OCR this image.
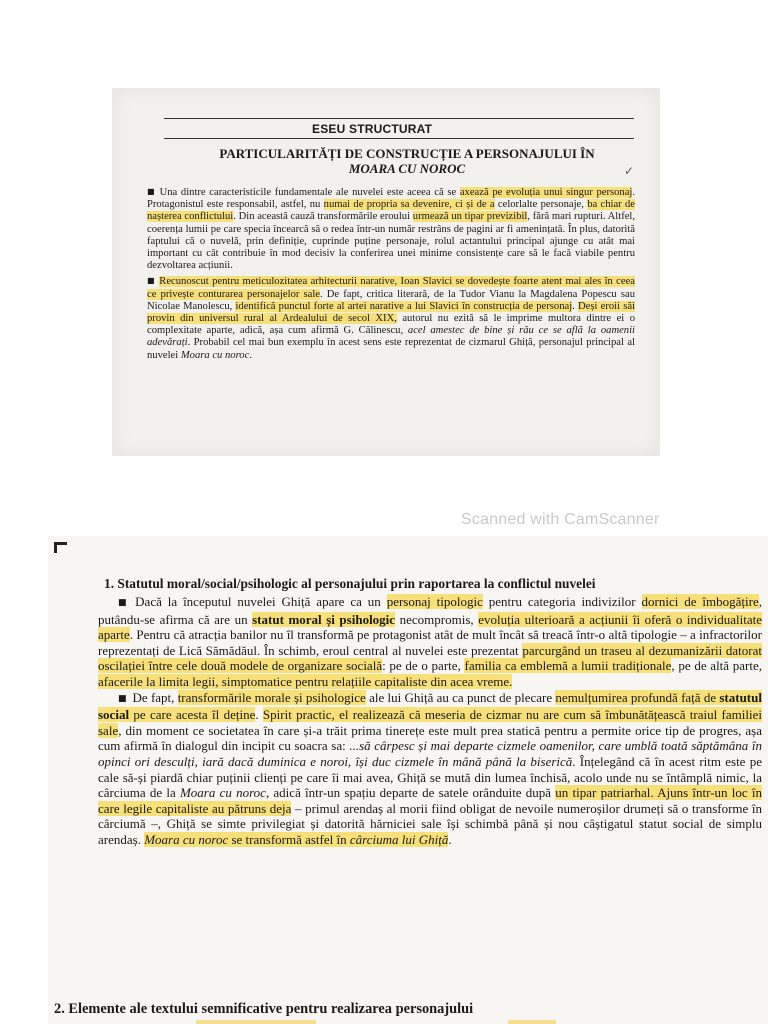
ESEU STRUCTURAT
PARTICULARITĂȚI DE CONSTRUCȚIE A PERSONAJULUI ÎN
MOARA CU NOROC	✓

■ Una dintre caracteristicile fundamentale ale nuvelei este aceea că se axează pe evoluția unui singur personaj. Protagonistul este responsabil, astfel, nu numai de propria sa devenire, ci și de a celorlalte personaje, ba chiar de nașterea conflictului. Din această cauză transformările eroului urmează un tipar previzibil, fără mari rupturi. Altfel, coerența lumii pe care specia încearcă să o redea într-un număr restrâns de pagini ar fi amenințată. În plus, datorită faptului că o nuvelă, prin definiție, cuprinde puține personaje, rolul actantului principal ajunge cu atât mai important cu cât contribuie în mod decisiv la conferirea unei minime consistențe care să le facă viabile pentru dezvoltarea acțiunii.

■ Recunoscut pentru meticulozitatea arhitecturii narative, Ioan Slavici se dovedește foarte atent mai ales în ceea ce privește conturarea personajelor sale. De fapt, critica literară, de la Tudor Vianu la Magdalena Popescu sau Nicolae Manolescu, identifică punctul forte al artei narative a lui Slavici în construcția de personaj. Deși eroii săi provin din universul rural al Ardealului de secol XIX, autorul nu ezită să le imprime multora dintre ei o complexitate aparte, adică, așa cum afirmă G. Călinescu, acel amestec de bine și rău ce se află la oamenii adevărați. Probabil cel mai bun exemplu în acest sens este reprezentat de cizmarul Ghiță, personajul principal al nuvelei Moara cu noroc.

Scanned with CamScanner
1. Statutul moral/social/psihologic al personajului prin raportarea la conflictul nuvelei

■ Dacă la începutul nuvelei Ghiță apare ca un personaj tipologic pentru categoria indivizilor dornici de îmbogățire, putându-se afirma că are un statut moral și psihologic necompromis, evoluția ulterioară a acțiunii îi oferă o individualitate aparte. Pentru că atracția banilor nu îl transformă pe protagonist atât de mult încât să treacă într-o altă tipologie – a infractorilor reprezentați de Lică Sămădăul. În schimb, eroul central al nuvelei este prezentat parcurgând un traseu al dezumanizării datorat oscilației între cele două modele de organizare socială: pe de o parte, familia ca emblemă a lumii tradiționale, pe de altă parte, afacerile la limita legii, simptomatice pentru relațiile capitaliste din acea vreme.

■ De fapt, transformările morale și psihologice ale lui Ghiță au ca punct de plecare nemulțumirea profundă față de statutul social pe care acesta îl deține. Spirit practic, el realizează că meseria de cizmar nu are cum să îmbunătățească traiul familiei sale, din moment ce societatea în care și-a trăit prima tinerețe este mult prea statică pentru a permite orice tip de progres, așa cum afirmă în dialogul din incipit cu soacra sa: ...să cârpesc și mai departe cizmele oamenilor, care umblă toată săptămâna în opinci ori desculți, iară dacă duminica e noroi, își duc cizmele în mână până la biserică. Înțelegând că în acest ritm este pe cale să-și piardă chiar puținii clienți pe care îi mai avea, Ghiță se mută din lumea închisă, acolo unde nu se întâmplă nimic, la cârciuma de la Moara cu noroc, adică într-un spațiu departe de satele orânduite după un tipar patriarhal. Ajuns într-un loc în care legile capitaliste au pătruns deja – primul arendaș al morii fiind obligat de nevoile numeroșilor drumeți să o transforme în cârciumă –, Ghiță se simte privilegiat și datorită hărniciei sale își schimbă până și nou câștigatul statut social de simplu arendaș. Moara cu noroc se transformă astfel în cârciuma lui Ghiță.

2. Elemente ale textului semnificative pentru realizarea personajului
